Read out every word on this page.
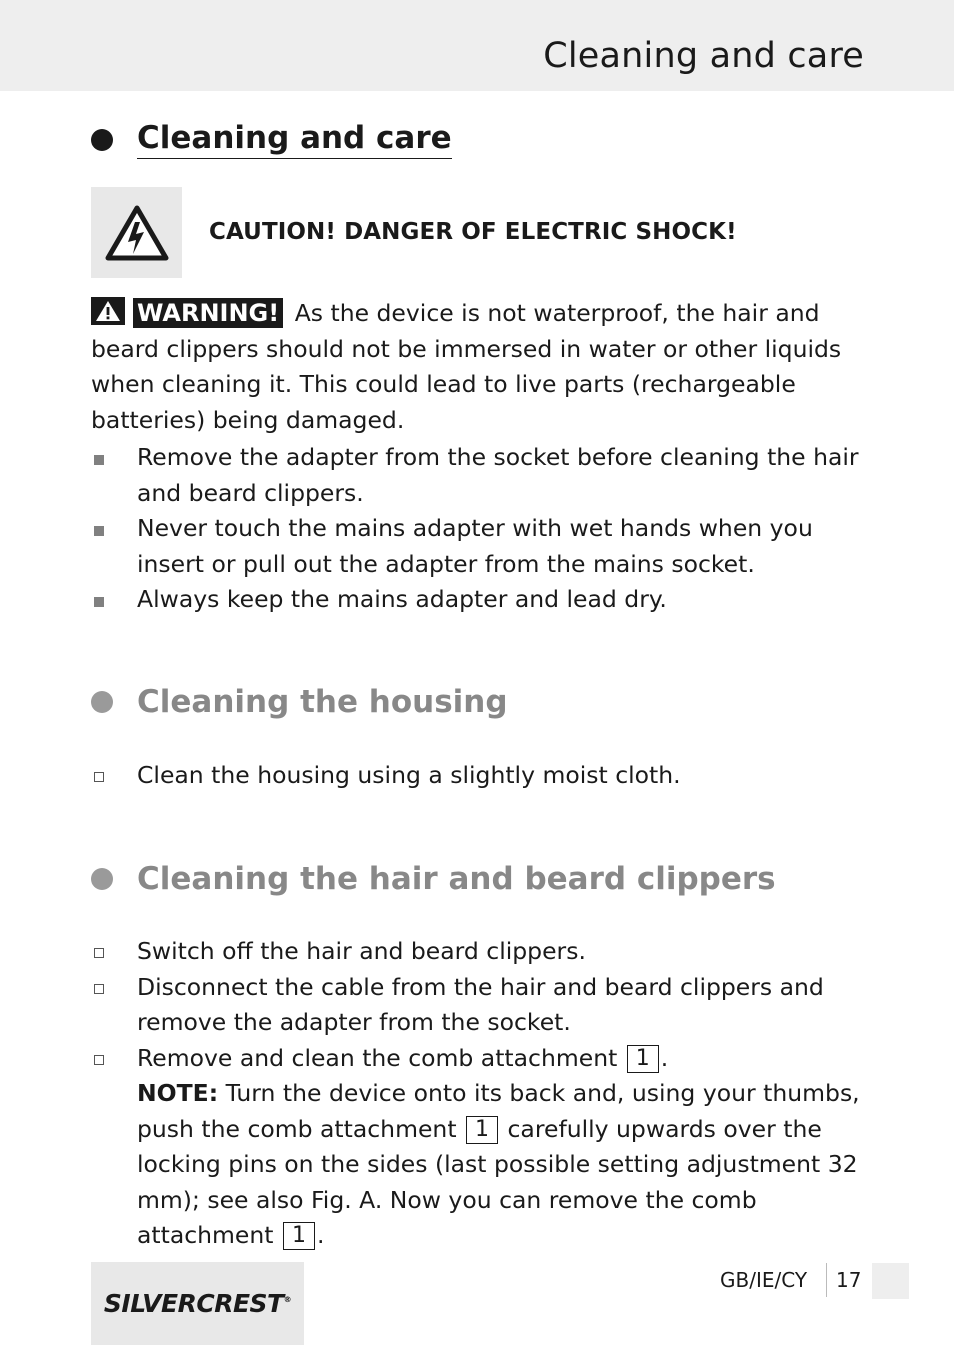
Cleaning and care
Cleaning and care
CAUTION! DANGER OF ELECTRIC SHOCK!
WARNING! As the device is not waterproof, the hair and beard clippers should not be immersed in water or other liquids when cleaning it. This could lead to live parts (rechargeable batteries) being damaged.
Remove the adapter from the socket before cleaning the hair and beard clippers.
Never touch the mains adapter with wet hands when you insert or pull out the adapter from the mains socket.
Always keep the mains adapter and lead dry.
Cleaning the housing
Clean the housing using a slightly moist cloth.
Cleaning the hair and beard clippers
Switch off the hair and beard clippers.
Disconnect the cable from the hair and beard clippers and remove the adapter from the socket.
Remove and clean the comb attachment 1 .
NOTE: Turn the device onto its back and, using your thumbs, push the comb attachment 1 carefully upwards over the locking pins on the sides (last possible setting adjustment 32 mm); see also Fig. A. Now you can remove the comb attachment 1 .
SILVERCREST®
GB/IE/CY 17
